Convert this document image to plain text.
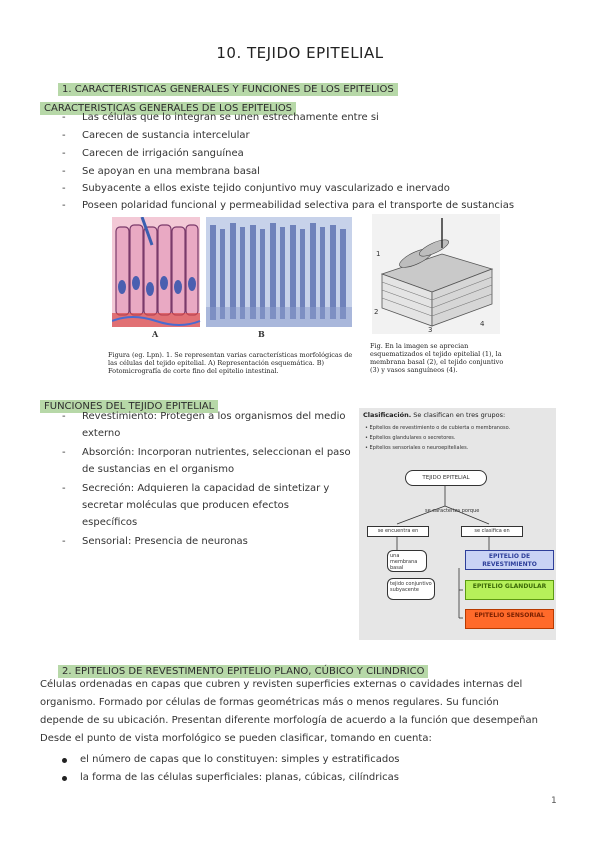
10. TEJIDO EPITELIAL
1. CARACTERISTICAS GENERALES Y FUNCIONES DE LOS EPITELIOS
CARACTERISTICAS GENERALES DE LOS EPITELIOS
- Las células que lo integran se unen estrechamente entre si
- Carecen de sustancia intercelular
- Carecen de irrigación sanguínea
- Se apoyan en una membrana basal
- Subyacente a ellos existe tejido conjuntivo muy vascularizado e inervado
- Poseen polaridad funcional y permeabilidad selectiva para el transporte de sustancias
A	B
Figura (eg. Lpn). 1. Se representan varias características morfológicas de las células del tejido epitelial. A) Representación esquemática. B) Fotomicrografía de corte fino del epitelio intestinal.
1
2
3
4
Fig. En la imagen se aprecian esquematizados el tejido epitelial (1), la membrana basal (2), el tejido conjuntivo (3) y vasos sanguíneos (4).
FUNCIONES DEL TEJIDO EPITELIAL
- Revestimiento: Protegen a los organismos del medio
externo
- Absorción: Incorporan nutrientes, seleccionan el paso
de sustancias en el organismo
- Secreción: Adquieren la capacidad de sintetizar y
secretar moléculas que producen efectos
específicos
- Sensorial: Presencia de neuronas
Clasificación. Se clasifican en tres grupos:
• Epitelios de revestimiento o de cubierta o membranoso.
• Epitelios glandulares o secretores.
• Epitelios sensoriales o neuroepiteliales.
TEJIDO EPITELIAL
se caracteriza porque
se encuentra en	se clasifica en
una membrana basal
tejido conjuntivo subyacente
EPITELIO DE REVESTIMIENTO
EPITELIO GLANDULAR
EPITELIO SENSORIAL
2. EPITELIOS DE REVESTIMENTO EPITELIO PLANO, CÚBICO Y CILINDRICO
Células ordenadas en capas que cubren y revisten superficies externas o cavidades internas del
organismo. Formado por células de formas geométricas más o menos regulares. Su función
depende de su ubicación. Presentan diferente morfología de acuerdo a la función que desempeñan
Desde el punto de vista morfológico se pueden clasificar, tomando en cuenta:
el número de capas que lo constituyen: simples y estratificados
la forma de las células superficiales: planas, cúbicas, cilíndricas
1
